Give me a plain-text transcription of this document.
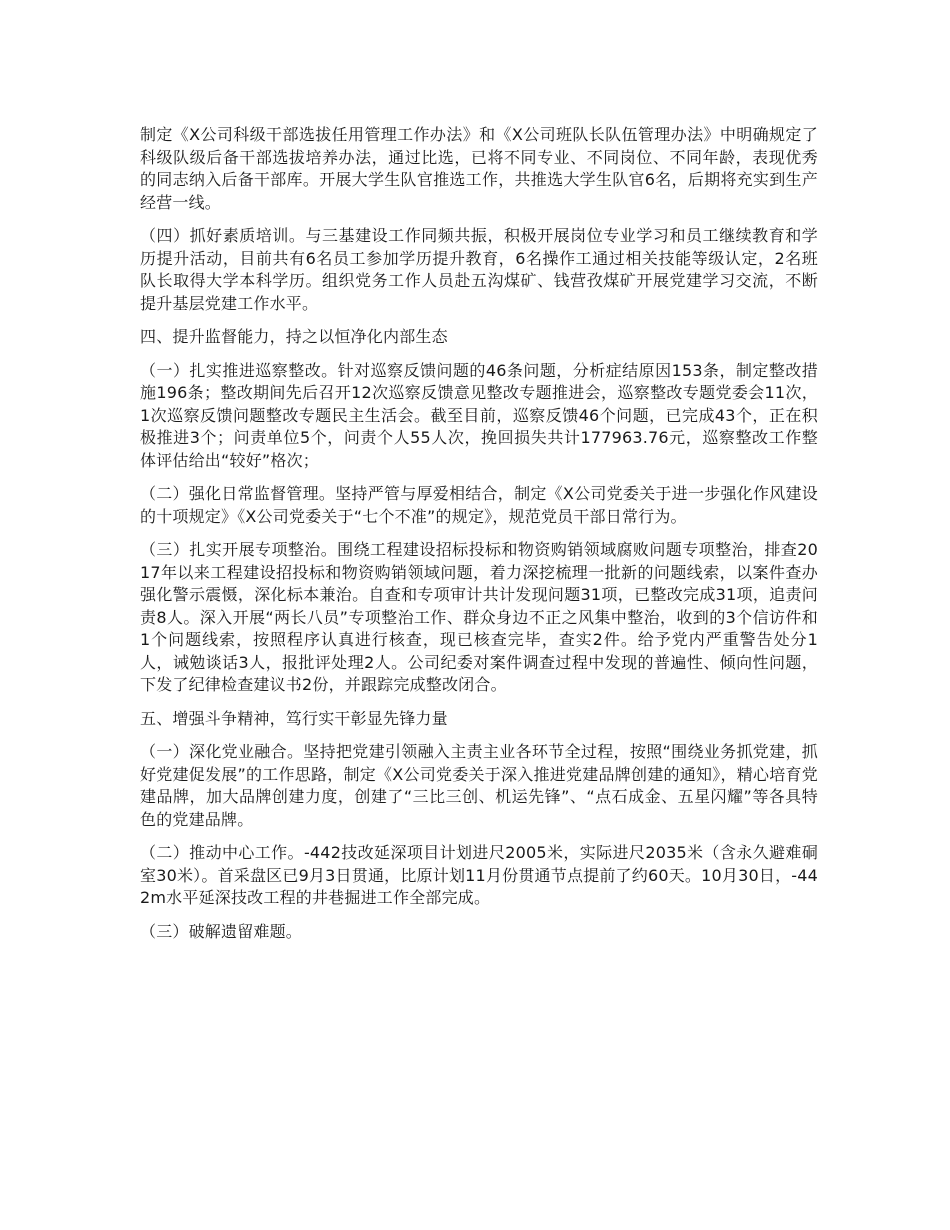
制定《X公司科级干部选拔任用管理工作办法》和《X公司班队长队伍管理办法》中明确规定了科级队级后备干部选拔培养办法，通过比选，已将不同专业、不同岗位、不同年龄，表现优秀的同志纳入后备干部库。开展大学生队官推选工作，共推选大学生队官6名，后期将充实到生产经营一线。

（四）抓好素质培训。与三基建设工作同频共振，积极开展岗位专业学习和员工继续教育和学历提升活动，目前共有6名员工参加学历提升教育，6名操作工通过相关技能等级认定，2名班队长取得大学本科学历。组织党务工作人员赴五沟煤矿、钱营孜煤矿开展党建学习交流，不断提升基层党建工作水平。

四、提升监督能力，持之以恒净化内部生态

（一）扎实推进巡察整改。针对巡察反馈问题的46条问题，分析症结原因153条，制定整改措施196条；整改期间先后召开12次巡察反馈意见整改专题推进会，巡察整改专题党委会11次，1次巡察反馈问题整改专题民主生活会。截至目前，巡察反馈46个问题，已完成43个，正在积极推进3个；问责单位5个，问责个人55人次，挽回损失共计177963.76元，巡察整改工作整体评估给出“较好”格次；

（二）强化日常监督管理。坚持严管与厚爱相结合，制定《X公司党委关于进一步强化作风建设的十项规定》《X公司党委关于“七个不准”的规定》，规范党员干部日常行为。

（三）扎实开展专项整治。围绕工程建设招标投标和物资购销领域腐败问题专项整治，排查2017年以来工程建设招投标和物资购销领域问题，着力深挖梳理一批新的问题线索，以案件查办强化警示震慑，深化标本兼治。自查和专项审计共计发现问题31项，已整改完成31项，追责问责8人。深入开展“两长八员”专项整治工作、群众身边不正之风集中整治，收到的3个信访件和1个问题线索，按照程序认真进行核查，现已核查完毕，查实2件。给予党内严重警告处分1人，诫勉谈话3人，报批评处理2人。公司纪委对案件调查过程中发现的普遍性、倾向性问题，下发了纪律检查建议书2份，并跟踪完成整改闭合。

五、增强斗争精神，笃行实干彰显先锋力量

（一）深化党业融合。坚持把党建引领融入主责主业各环节全过程，按照“围绕业务抓党建，抓好党建促发展”的工作思路，制定《X公司党委关于深入推进党建品牌创建的通知》，精心培育党建品牌，加大品牌创建力度，创建了“三比三创、机运先锋”、“点石成金、五星闪耀”等各具特色的党建品牌。

（二）推动中心工作。-442技改延深项目计划进尺2005米，实际进尺2035米（含永久避难硐室30米）。首采盘区已9月3日贯通，比原计划11月份贯通节点提前了约60天。10月30日，-442m水平延深技改工程的井巷掘进工作全部完成。

（三）破解遗留难题。
